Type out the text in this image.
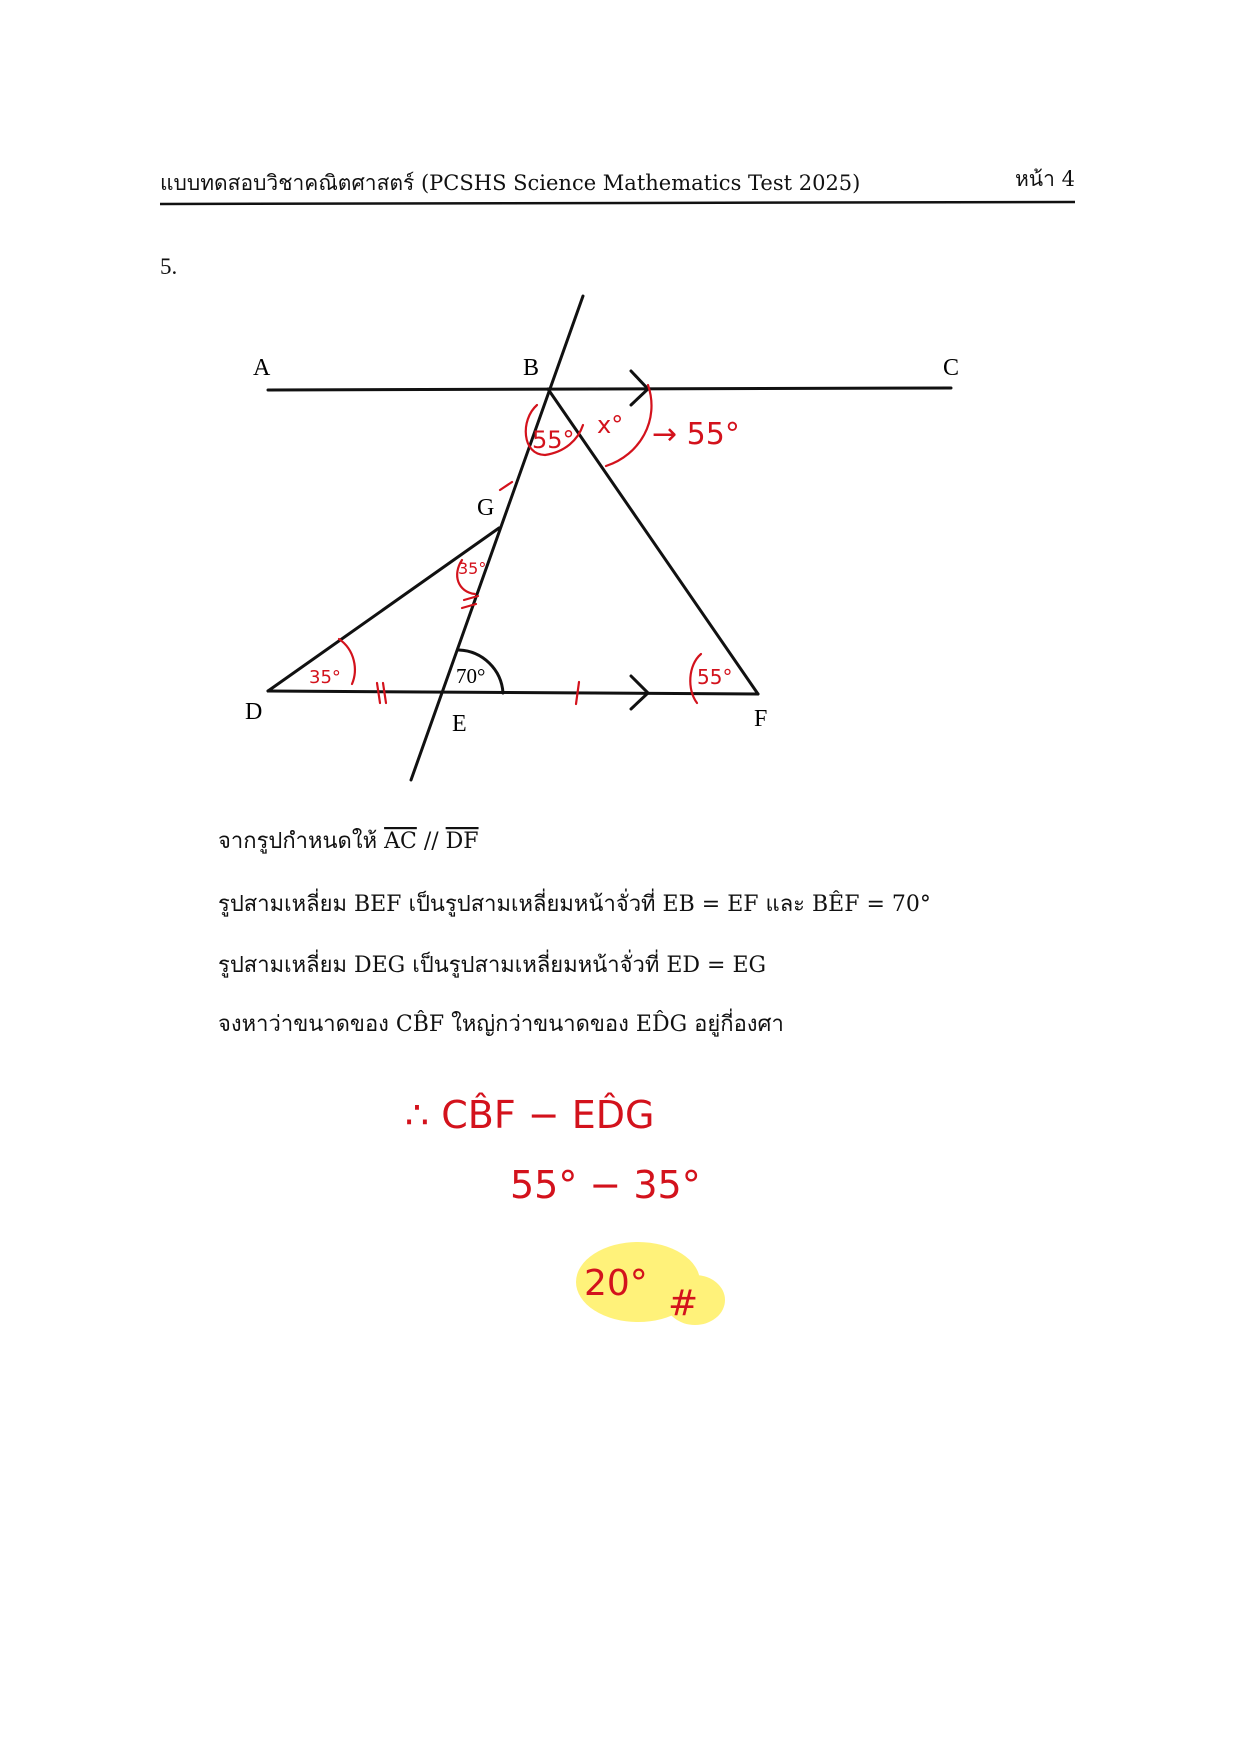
แบบทดสอบวิชาคณิตศาสตร์ (PCSHS Science Mathematics Test 2025)	หน้า 4
5.
A	B	C
G
D	E	F
70°
55°
x° → 55°
35°
35°	55°
จากรูปกำหนดให้ AC // DF
รูปสามเหลี่ยม BEF เป็นรูปสามเหลี่ยมหน้าจั่วที่ EB = EF และ BÊF = 70°
รูปสามเหลี่ยม DEG เป็นรูปสามเหลี่ยมหน้าจั่วที่ ED = EG
จงหาว่าขนาดของ CB̂F ใหญ่กว่าขนาดของ ED̂G อยู่กี่องศา
∴ CB̂F − ED̂G
55° − 35°
20° #
